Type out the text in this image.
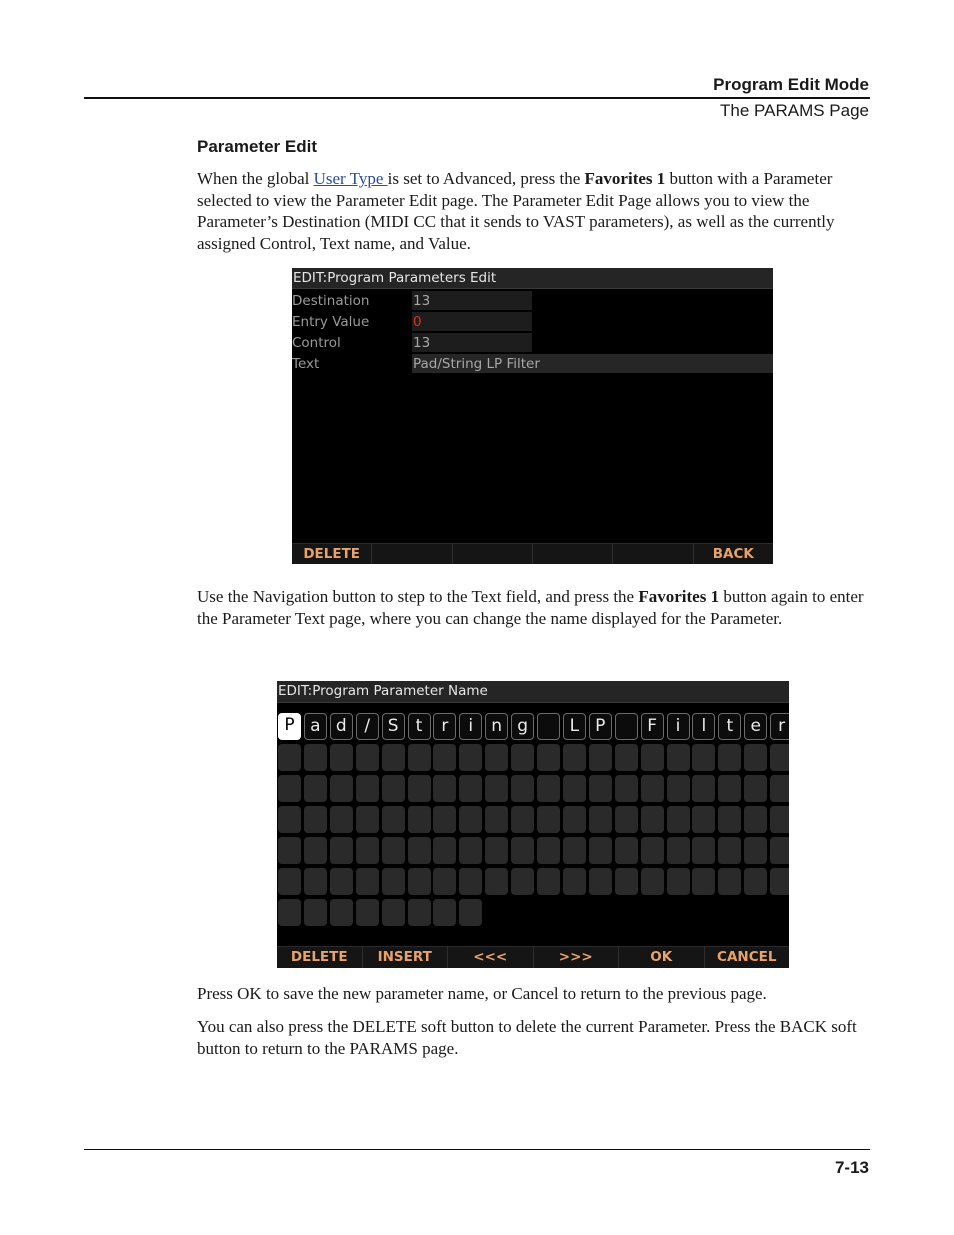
Program Edit Mode
The PARAMS Page
Parameter Edit
When the global User Type is set to Advanced, press the Favorites 1 button with a Parameter selected to view the Parameter Edit page. The Parameter Edit Page allows you to view the Parameter’s Destination (MIDI CC that it sends to VAST parameters), as well as the currently assigned Control, Text name, and Value.
EDIT:Program Parameters Edit
Destination	13
Entry Value	0
Control	13
Text	Pad/String LP Filter
DELETE	BACK
Use the Navigation button to step to the Text field, and press the Favorites 1 button again to enter the Parameter Text page, where you can change the name displayed for the Parameter.
EDIT:Program Parameter Name
P a d	/	S	t	r	i	n g	L P	F	i	l	t	e	r
DELETE	INSERT	<<<	>>>	OK	CANCEL
Press OK to save the new parameter name, or Cancel to return to the previous page.
You can also press the DELETE soft button to delete the current Parameter. Press the BACK soft button to return to the PARAMS page.
7-13
